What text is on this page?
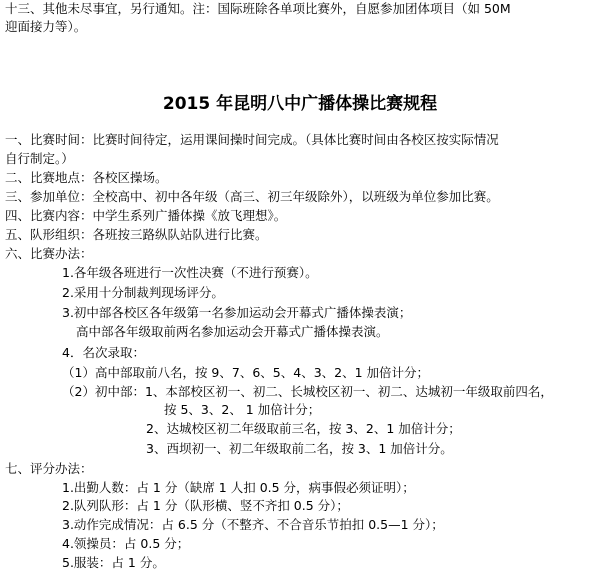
十三、其他未尽事宜，另行通知。注：国际班除各单项比赛外，自愿参加团体项目（如 50M
迎面接力等）。
2015 年昆明八中广播体操比赛规程
一、比赛时间：比赛时间待定，运用课间操时间完成。（具体比赛时间由各校区按实际情况
自行制定。）
二、比赛地点：各校区操场。
三、参加单位：全校高中、初中各年级（高三、初三年级除外），以班级为单位参加比赛。
四、比赛内容：中学生系列广播体操《放飞理想》。
五、队形组织：各班按三路纵队站队进行比赛。
六、比赛办法：
1.各年级各班进行一次性决赛（不进行预赛）。
2.采用十分制裁判现场评分。
3.初中部各校区各年级第一名参加运动会开幕式广播体操表演；
高中部各年级取前两名参加运动会开幕式广播体操表演。
4．名次录取：
（1）高中部取前八名，按 9、7、6、5、4、3、2、1 加倍计分；
（2）初中部：1、本部校区初一、初二、长城校区初一、初二、达城初一年级取前四名，
按 5、3、2、 1 加倍计分；
2、达城校区初二年级取前三名，按 3、2、1 加倍计分；
3、西坝初一、初二年级取前二名，按 3、1 加倍计分。
七、评分办法：
1.出勤人数：占 1 分（缺席 1 人扣 0.5 分，病事假必须证明）；
2.队列队形：占 1 分（队形横、竖不齐扣 0.5 分）；
3.动作完成情况：占 6.5 分（不整齐、不合音乐节拍扣 0.5—1 分）；
4.领操员：占 0.5 分；
5.服装：占 1 分。
